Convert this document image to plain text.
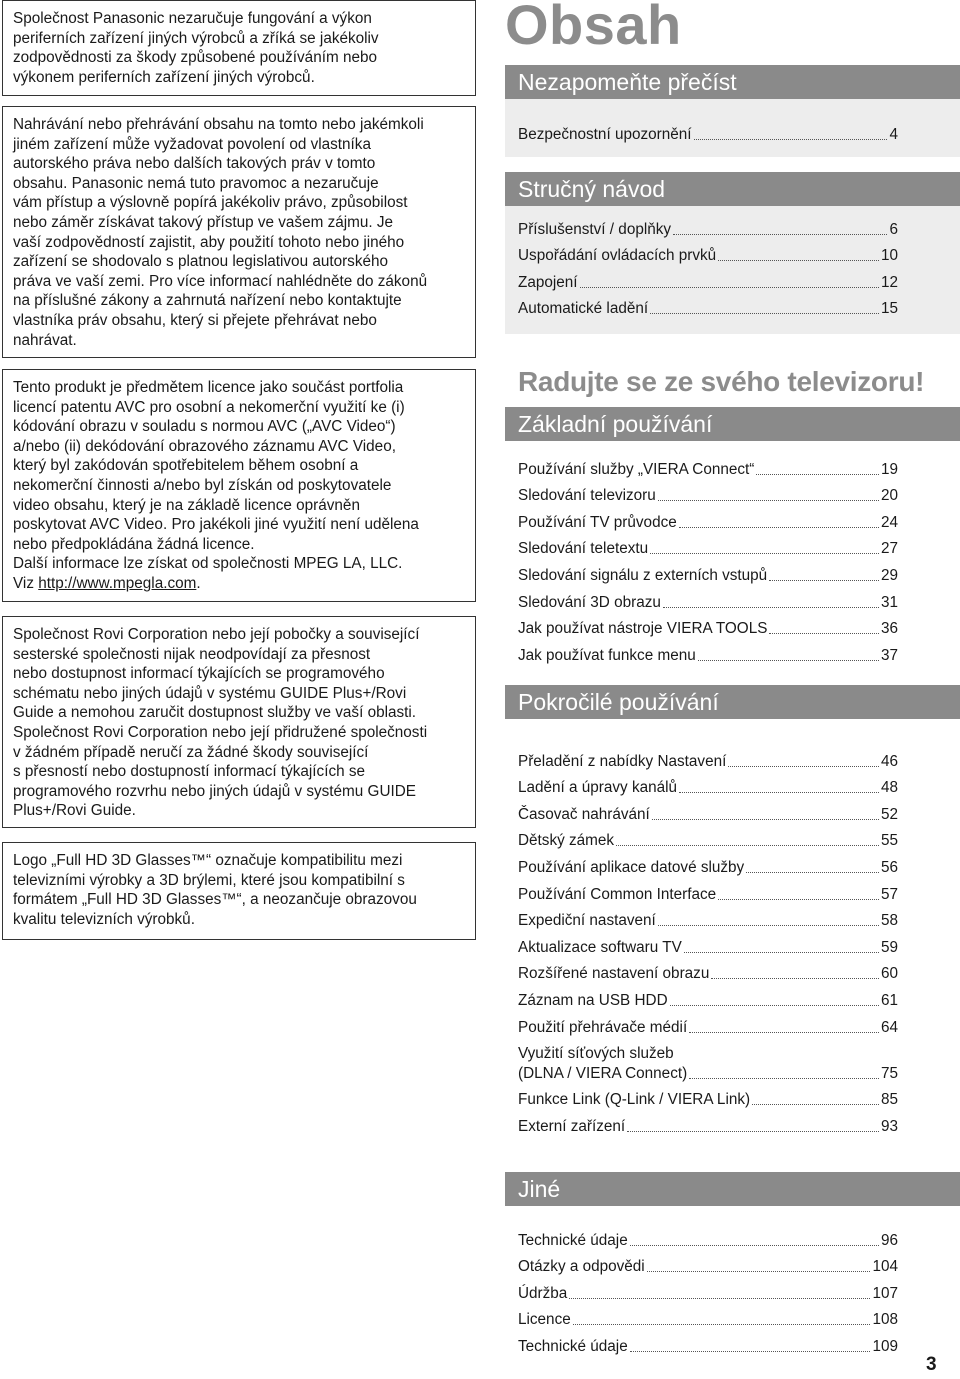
Společnost Panasonic nezaručuje fungování a výkon
periferních zařízení jiných výrobců a zříká se jakékoliv
zodpovědnosti za škody způsobené používáním nebo
výkonem periferních zařízení jiných výrobců.

Nahrávání nebo přehrávání obsahu na tomto nebo jakémkoli
jiném zařízení může vyžadovat povolení od vlastníka
autorského práva nebo dalších takových práv v tomto
obsahu. Panasonic nemá tuto pravomoc a nezaručuje
vám přístup a výslovně popírá jakékoliv právo, způsobilost
nebo záměr získávat takový přístup ve vašem zájmu. Je
vaší zodpovědností zajistit, aby použití tohoto nebo jiného
zařízení se shodovalo s platnou legislativou autorského
práva ve vaší zemi. Pro více informací nahlédněte do zákonů
na příslušné zákony a zahrnutá nařízení nebo kontaktujte
vlastníka práv obsahu, který si přejete přehrávat nebo
nahrávat.

Tento produkt je předmětem licence jako součást portfolia
licencí patentu AVC pro osobní a nekomerční využití ke (i)
kódování obrazu v souladu s normou AVC („AVC Video“)
a/nebo (ii) dekódování obrazového záznamu AVC Video,
který byl zakódován spotřebitelem během osobní a
nekomerční činnosti a/nebo byl získán od poskytovatele
video obsahu, který je na základě licence oprávněn
poskytovat AVC Video. Pro jakékoli jiné využití není udělena
nebo předpokládána žádná licence.
Další informace lze získat od společnosti MPEG LA, LLC.
Viz http://www.mpegla.com.

Společnost Rovi Corporation nebo její pobočky a související
sesterské společnosti nijak neodpovídají za přesnost
nebo dostupnost informací týkajících se programového
schématu nebo jiných údajů v systému GUIDE Plus+/Rovi
Guide a nemohou zaručit dostupnost služby ve vaší oblasti.
Společnost Rovi Corporation nebo její přidružené společnosti
v žádném případě neručí za žádné škody související
s přesností nebo dostupností informací týkajících se
programového rozvrhu nebo jiných údajů v systému GUIDE
Plus+/Rovi Guide.

Logo „Full HD 3D Glasses™“ označuje kompatibilitu mezi
televizními výrobky a 3D brýlemi, které jsou kompatibilní s
formátem „Full HD 3D Glasses™“, a neozančuje obrazovou
kvalitu televizních výrobků.

Obsah
Nezapomeňte přečíst
Bezpečnostní upozornění	4
Stručný návod
Příslušenství / doplňky	6
Uspořádání ovládacích prvků	10
Zapojení	12
Automatické ladění	15
Radujte se ze svého televizoru!
Základní používání
Používání služby „VIERA Connect“	19
Sledování televizoru	20
Používání TV průvodce	24
Sledování teletextu	27
Sledování signálu z externích vstupů	29
Sledování 3D obrazu	31
Jak používat nástroje VIERA TOOLS	36
Jak používat funkce menu	37
Pokročilé používání
Přeladění z nabídky Nastavení	46
Ladění a úpravy kanálů	48
Časovač nahrávání	52
Dětský zámek	55
Používání aplikace datové služby	56
Používání Common Interface	57
Expediční nastavení	58
Aktualizace softwaru TV	59
Rozšířené nastavení obrazu	60
Záznam na USB HDD	61
Použití přehrávače médií	64
Využití síťových služeb
(DLNA / VIERA Connect)	75
Funkce Link (Q-Link / VIERA Link)	85
Externí zařízení	93
Jiné
Technické údaje	96
Otázky a odpovědi	104
Údržba	107
Licence	108
Technické údaje	109
3
